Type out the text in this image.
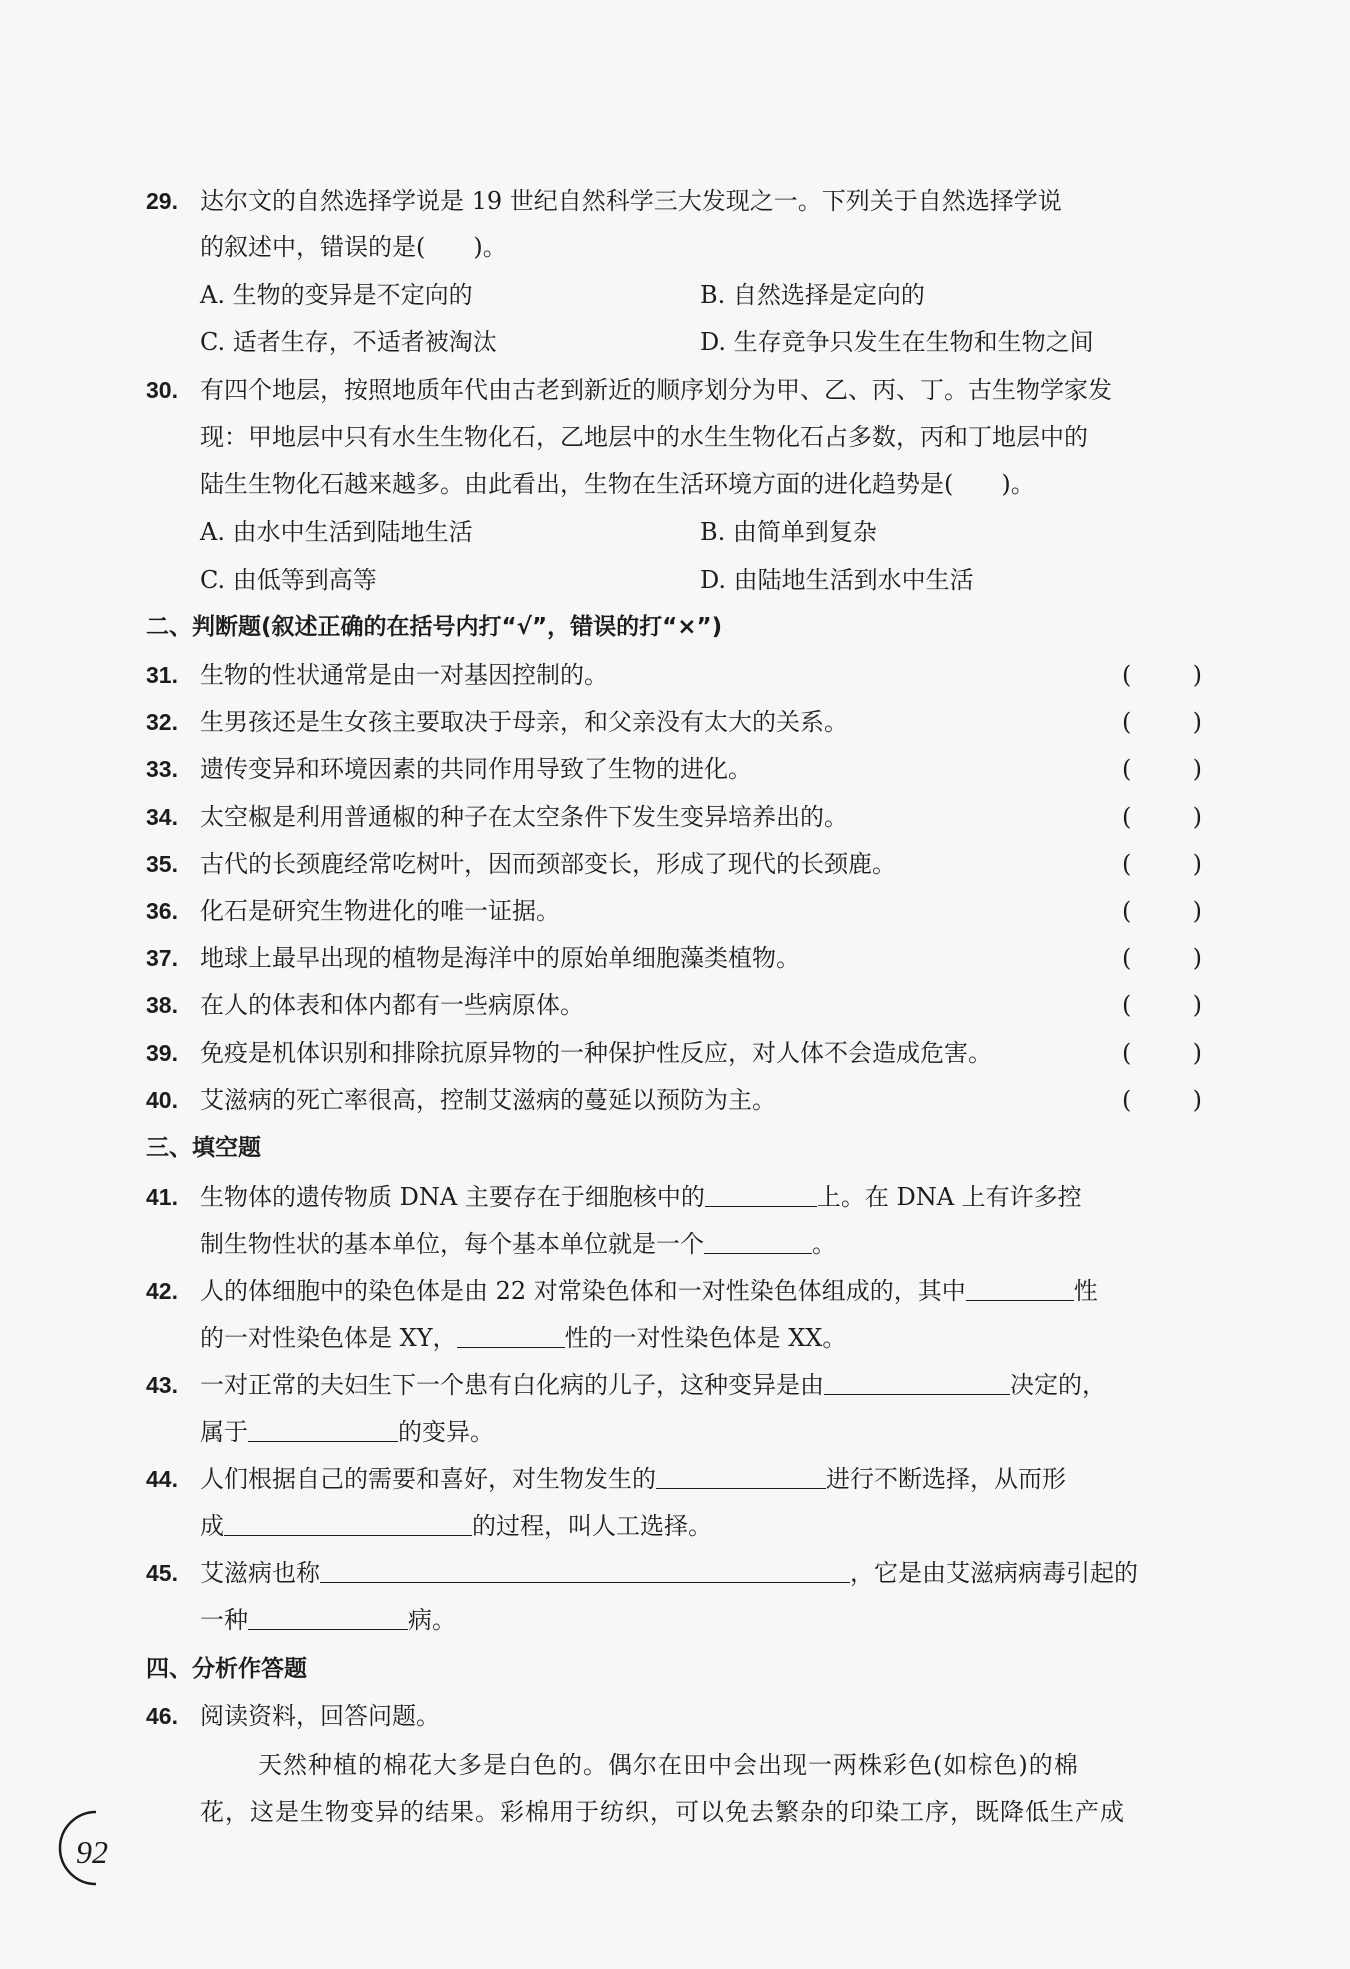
29. 达尔文的自然选择学说是 19 世纪自然科学三大发现之一。下列关于自然选择学说
的叙述中，错误的是(　　)。
A. 生物的变异是不定向的	B. 自然选择是定向的
C. 适者生存，不适者被淘汰	D. 生存竞争只发生在生物和生物之间
30. 有四个地层，按照地质年代由古老到新近的顺序划分为甲、乙、丙、丁。古生物学家发
现：甲地层中只有水生生物化石，乙地层中的水生生物化石占多数，丙和丁地层中的
陆生生物化石越来越多。由此看出，生物在生活环境方面的进化趋势是(　　)。
A. 由水中生活到陆地生活	B. 由简单到复杂
C. 由低等到高等	D. 由陆地生活到水中生活
二、判断题(叙述正确的在括号内打“√”，错误的打“×”)
31. 生物的性状通常是由一对基因控制的。	(	)
32. 生男孩还是生女孩主要取决于母亲，和父亲没有太大的关系。	(	)
33. 遗传变异和环境因素的共同作用导致了生物的进化。	(	)
34. 太空椒是利用普通椒的种子在太空条件下发生变异培养出的。	(	)
35. 古代的长颈鹿经常吃树叶，因而颈部变长，形成了现代的长颈鹿。	(	)
36. 化石是研究生物进化的唯一证据。	(	)
37. 地球上最早出现的植物是海洋中的原始单细胞藻类植物。	(	)
38. 在人的体表和体内都有一些病原体。	(	)
39. 免疫是机体识别和排除抗原异物的一种保护性反应，对人体不会造成危害。	(	)
40. 艾滋病的死亡率很高，控制艾滋病的蔓延以预防为主。	(	)
三、填空题
41. 生物体的遗传物质 DNA 主要存在于细胞核中的	上。在 DNA 上有许多控
制生物性状的基本单位，每个基本单位就是一个	。
42. 人的体细胞中的染色体是由 22 对常染色体和一对性染色体组成的，其中	性
的一对性染色体是 XY，	性的一对性染色体是 XX。
43. 一对正常的夫妇生下一个患有白化病的儿子，这种变异是由	决定的，
属于	的变异。
44. 人们根据自己的需要和喜好，对生物发生的	进行不断选择，从而形
成	的过程，叫人工选择。
45. 艾滋病也称	，它是由艾滋病病毒引起的
一种	病。
四、分析作答题
46. 阅读资料，回答问题。
天然种植的棉花大多是白色的。偶尔在田中会出现一两株彩色(如棕色)的棉
花，这是生物变异的结果。彩棉用于纺织，可以免去繁杂的印染工序，既降低生产成
92
